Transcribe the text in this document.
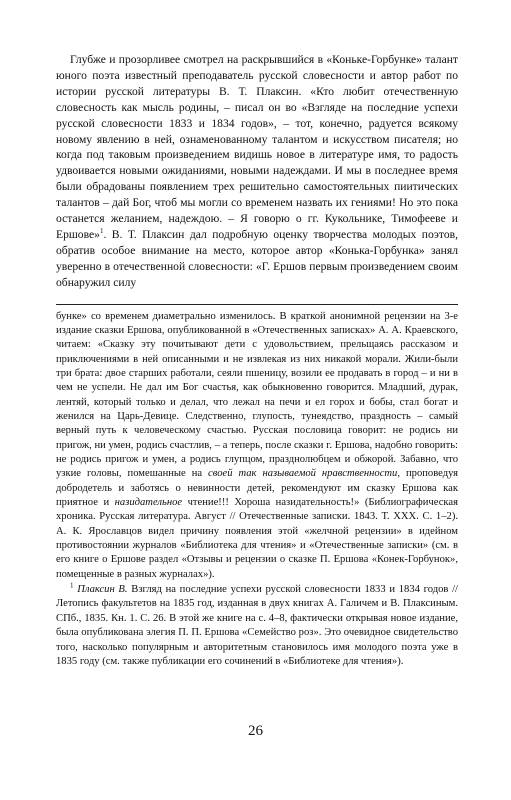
Глубже и прозорливее смотрел на раскрывшийся в «Коньке-Горбунке» талант юного поэта известный преподаватель русской словесности и автор работ по истории русской литературы В. Т. Плаксин. «Кто любит отечественную словесность как мысль родины, – писал он во «Взгляде на последние успехи русской словесности 1833 и 1834 годов», – тот, конечно, радуется всякому новому явлению в ней, ознаменованному талантом и искусством писателя; но когда под таковым произведением видишь новое в литературе имя, то радость удвоивается новыми ожиданиями, новыми надеждами. И мы в последнее время были обрадованы появлением трех решительно самостоятельных пиитических талантов – дай Бог, чтоб мы могли со временем назвать их гениями! Но это пока останется желанием, надеждою. – Я говорю о гг. Кукольнике, Тимофееве и Ершове»$^1$. В. Т. Плаксин дал подробную оценку творчества молодых поэтов, обратив особое внимание на место, которое автор «Конька-Горбунка» занял уверенно в отечественной словесности: «Г. Ершов первым произведением своим обнаружил силу

бунке» со временем диаметрально изменилось. В краткой анонимной рецензии на 3-е издание сказки Ершова, опубликованной в «Отечественных записках» А. А. Краевского, читаем: «Сказку эту почитывают дети с удовольствием, прельщаясь рассказом и приключениями в ней описанными и не извлекая из них никакой морали. Жили-были три брата: двое старших работали, сеяли пшеницу, возили ее продавать в город – и ни в чем не успели. Не дал им Бог счастья, как обыкновенно говорится. Младший, дурак, лентяй, который только и делал, что лежал на печи и ел горох и бобы, стал богат и женился на Царь-Девице. Следственно, глупость, тунеядство, праздность – самый верный путь к человеческому счастью. Русская пословица говорит: не родись ни пригож, ни умен, родись счастлив, – а теперь, после сказки г. Ершова, надобно говорить: не родись пригож и умен, а родись глупцом, празднолюбцем и обжорой. Забавно, что узкие головы, помешанные на своей так называемой нравственности, проповедуя добродетель и заботясь о невинности детей, рекомендуют им сказку Ершова как приятное и назидательное чтение!!! Хороша назидательность!» (Библиографическая хроника. Русская литература. Август // Отечественные записки. 1843. Т. XXX. С. 1–2). А. К. Ярославцов видел причину появления этой «желчной рецензии» в идейном противостоянии журналов «Библиотека для чтения» и «Отечественные записки» (см. в его книге о Ершове раздел «Отзывы и рецензии о сказке П. Ершова «Конек-Горбунок», помещенные в разных журналах»).

$^1$ Плаксин В. Взгляд на последние успехи русской словесности 1833 и 1834 годов // Летопись факультетов на 1835 год, изданная в двух книгах А. Галичем и В. Плаксиным. СПб., 1835. Кн. 1. С. 26. В этой же книге на с. 4–8, фактически открывая новое издание, была опубликована элегия П. П. Ершова «Семейство роз». Это очевидное свидетельство того, насколько популярным и авторитетным становилось имя молодого поэта уже в 1835 году (см. также публикации его сочинений в «Библиотеке для чтения»).

26
